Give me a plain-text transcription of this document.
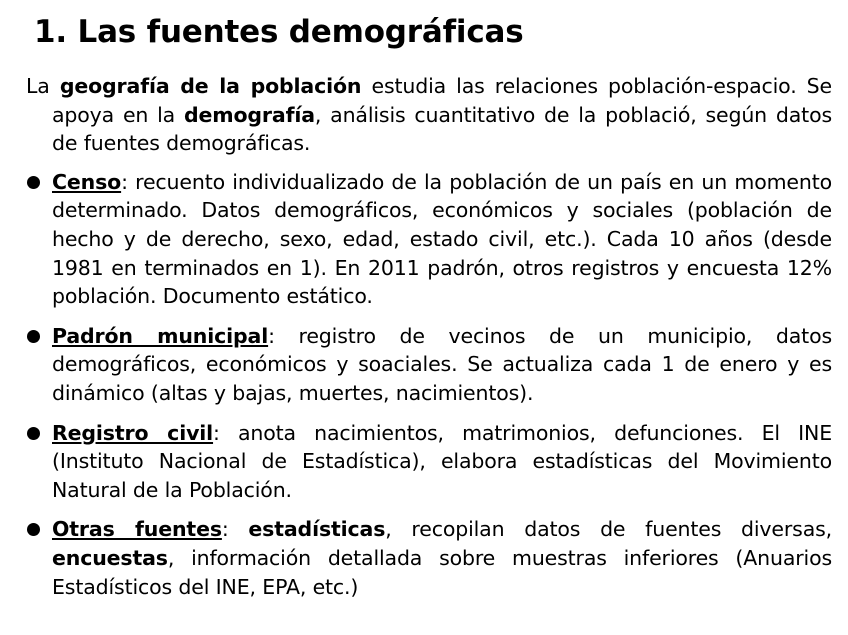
1. Las fuentes demográficas

La geografía de la población estudia las relaciones población-espacio. Se apoya en la demografía, análisis cuantitativo de la població, según datos de fuentes demográficas.

Censo: recuento individualizado de la población de un país en un momento determinado. Datos demográficos, económicos y sociales (población de hecho y de derecho, sexo, edad, estado civil, etc.). Cada 10 años (desde 1981 en terminados en 1). En 2011 padrón, otros registros y encuesta 12% población. Documento estático.

Padrón municipal: registro de vecinos de un municipio, datos demográficos, económicos y soaciales. Se actualiza cada 1 de enero y es dinámico (altas y bajas, muertes, nacimientos).

Registro civil: anota nacimientos, matrimonios, defunciones. El INE (Instituto Nacional de Estadística), elabora estadísticas del Movimiento Natural de la Población.

Otras fuentes: estadísticas, recopilan datos de fuentes diversas, encuestas, información detallada sobre muestras inferiores (Anuarios Estadísticos del INE, EPA, etc.)
